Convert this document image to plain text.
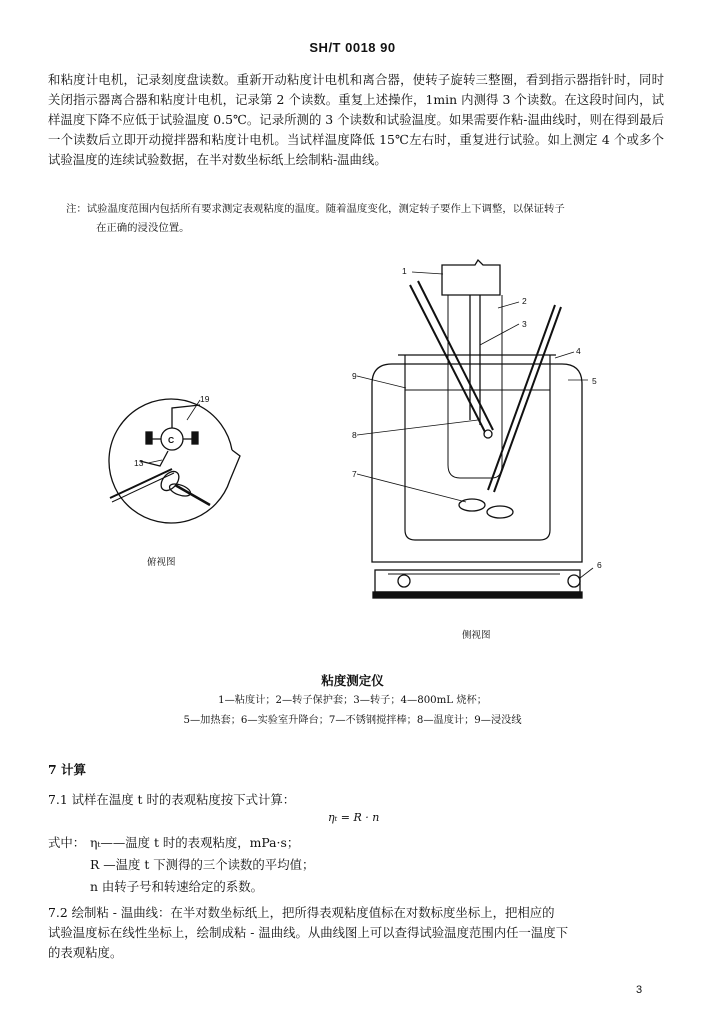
SH/T 0018 90
和粘度计电机，记录刻度盘读数。重新开动粘度计电机和离合器，使转子旋转三整圈，看到指示器指针时，同时关闭指示器离合器和粘度计电机，记录第 2 个读数。重复上述操作，1min 内测得 3 个读数。在这段时间内，试样温度下降不应低于试验温度 0.5℃。记录所测的 3 个读数和试验温度。如果需要作粘-温曲线时，则在得到最后一个读数后立即开动搅拌器和粘度计电机。当试样温度降低 15℃左右时，重复进行试验。如上测定 4 个或多个试验温度的连续试验数据，在半对数坐标纸上绘制粘-温曲线。
注：试验温度范围内包括所有要求测定表观粘度的温度。随着温度变化，测定转子要作上下调整，以保证转子
在正确的浸没位置。
1
2
3
4
5
6
7
8
9
19
13
C
俯视图
侧视图
粘度测定仪
1—粘度计；2—转子保护套；3—转子；4—800mL 烧杯；
5—加热套；6—实验室升降台；7—不锈钢搅拌棒；8—温度计；9—浸没线
7 计算
7.1 试样在温度 t 时的表观粘度按下式计算：
ηₜ = R · n
式中： ηₜ——温度 t 时的表观粘度，mPa·s；
R —温度 t 下测得的三个读数的平均值；
n 由转子号和转速给定的系数。
7.2 绘制粘 - 温曲线：在半对数坐标纸上，把所得表观粘度值标在对数标度坐标上，把相应的
试验温度标在线性坐标上，绘制成粘 - 温曲线。从曲线图上可以查得试验温度范围内任一温度下
的表观粘度。
3
